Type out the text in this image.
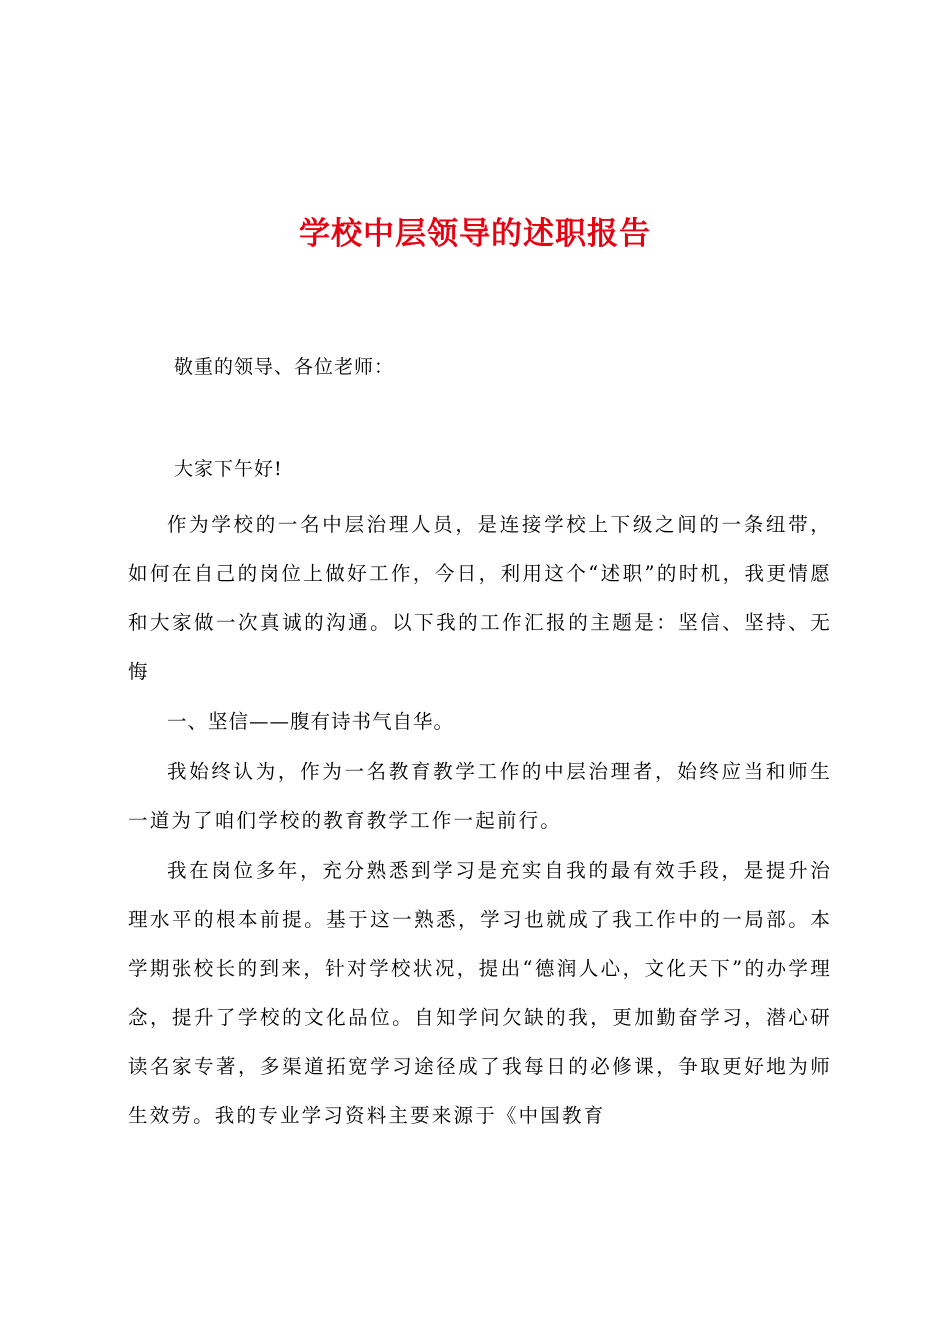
学校中层领导的述职报告
敬重的领导、各位老师：
大家下午好!

作为学校的一名中层治理人员，是连接学校上下级之间的一条纽带，如何在自己的岗位上做好工作，今日，利用这个“述职”的时机，我更情愿和大家做一次真诚的沟通。以下我的工作汇报的主题是：坚信、坚持、无悔

一、坚信——腹有诗书气自华。

我始终认为，作为一名教育教学工作的中层治理者，始终应当和师生一道为了咱们学校的教育教学工作一起前行。

我在岗位多年，充分熟悉到学习是充实自我的最有效手段，是提升治理水平的根本前提。基于这一熟悉，学习也就成了我工作中的一局部。本学期张校长的到来，针对学校状况，提出“德润人心，文化天下”的办学理念，提升了学校的文化品位。自知学问欠缺的我，更加勤奋学习，潜心研读名家专著，多渠道拓宽学习途径成了我每日的必修课，争取更好地为师生效劳。我的专业学习资料主要来源于《中国教育
